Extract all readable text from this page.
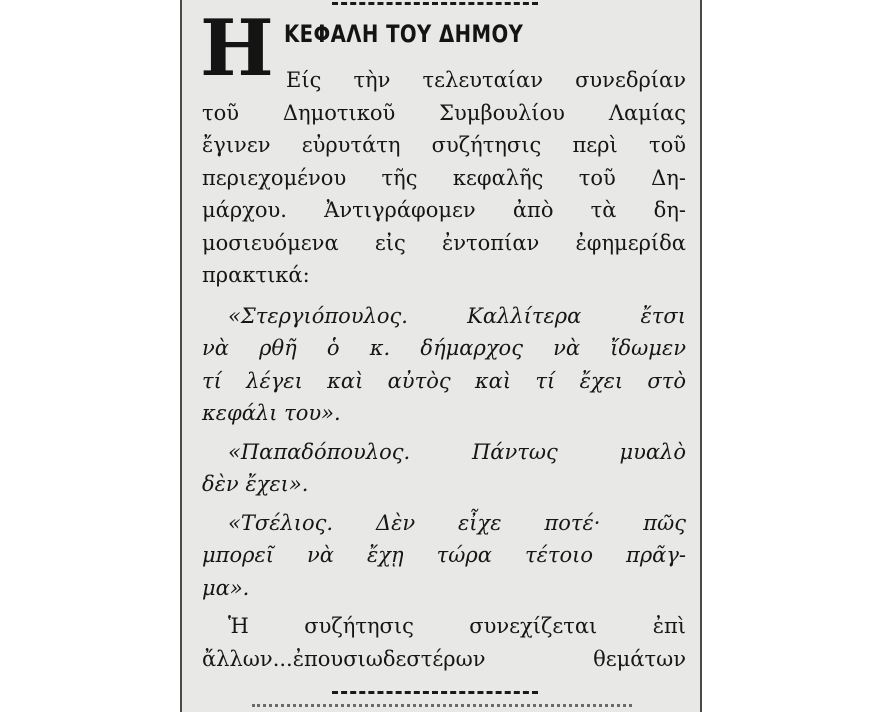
Η ΚΕΦΑΛΗ ΤΟΥ ΔΗΜΟΥ
Είς τὴν τελευταίαν συνεδρίαν
τοῦ Δημοτικοῦ Συμβουλίου Λαμίας
ἔγινεν εὐρυτάτη συζήτησις περὶ τοῦ
περιεχομένου τῆς κεφαλῆς τοῦ Δη-
μάρχου. Ἀντιγράφομεν ἀπὸ τὰ δη-
μοσιευόμενα εἰς ἐντοπίαν ἐφημερίδα
πρακτικά:
«Στεργιόπουλος. Καλλίτερα ἔτσι
νὰ ρθῆ ὁ κ. δήμαρχος νὰ ἴδωμεν
τί λέγει καὶ αὐτὸς καὶ τί ἔχει στὸ
κεφάλι του».
«Παπαδόπουλος. Πάντως μυαλὸ
δὲν ἔχει».
«Τσέλιος. Δὲν εἶχε ποτέ· πῶς
μπορεῖ νὰ ἔχῃ τώρα τέτοιο πρᾶγ-
μα».
Ἡ συζήτησις συνεχίζεται ἐπὶ
ἄλλων...ἐπουσιωδεστέρων θεμάτων
